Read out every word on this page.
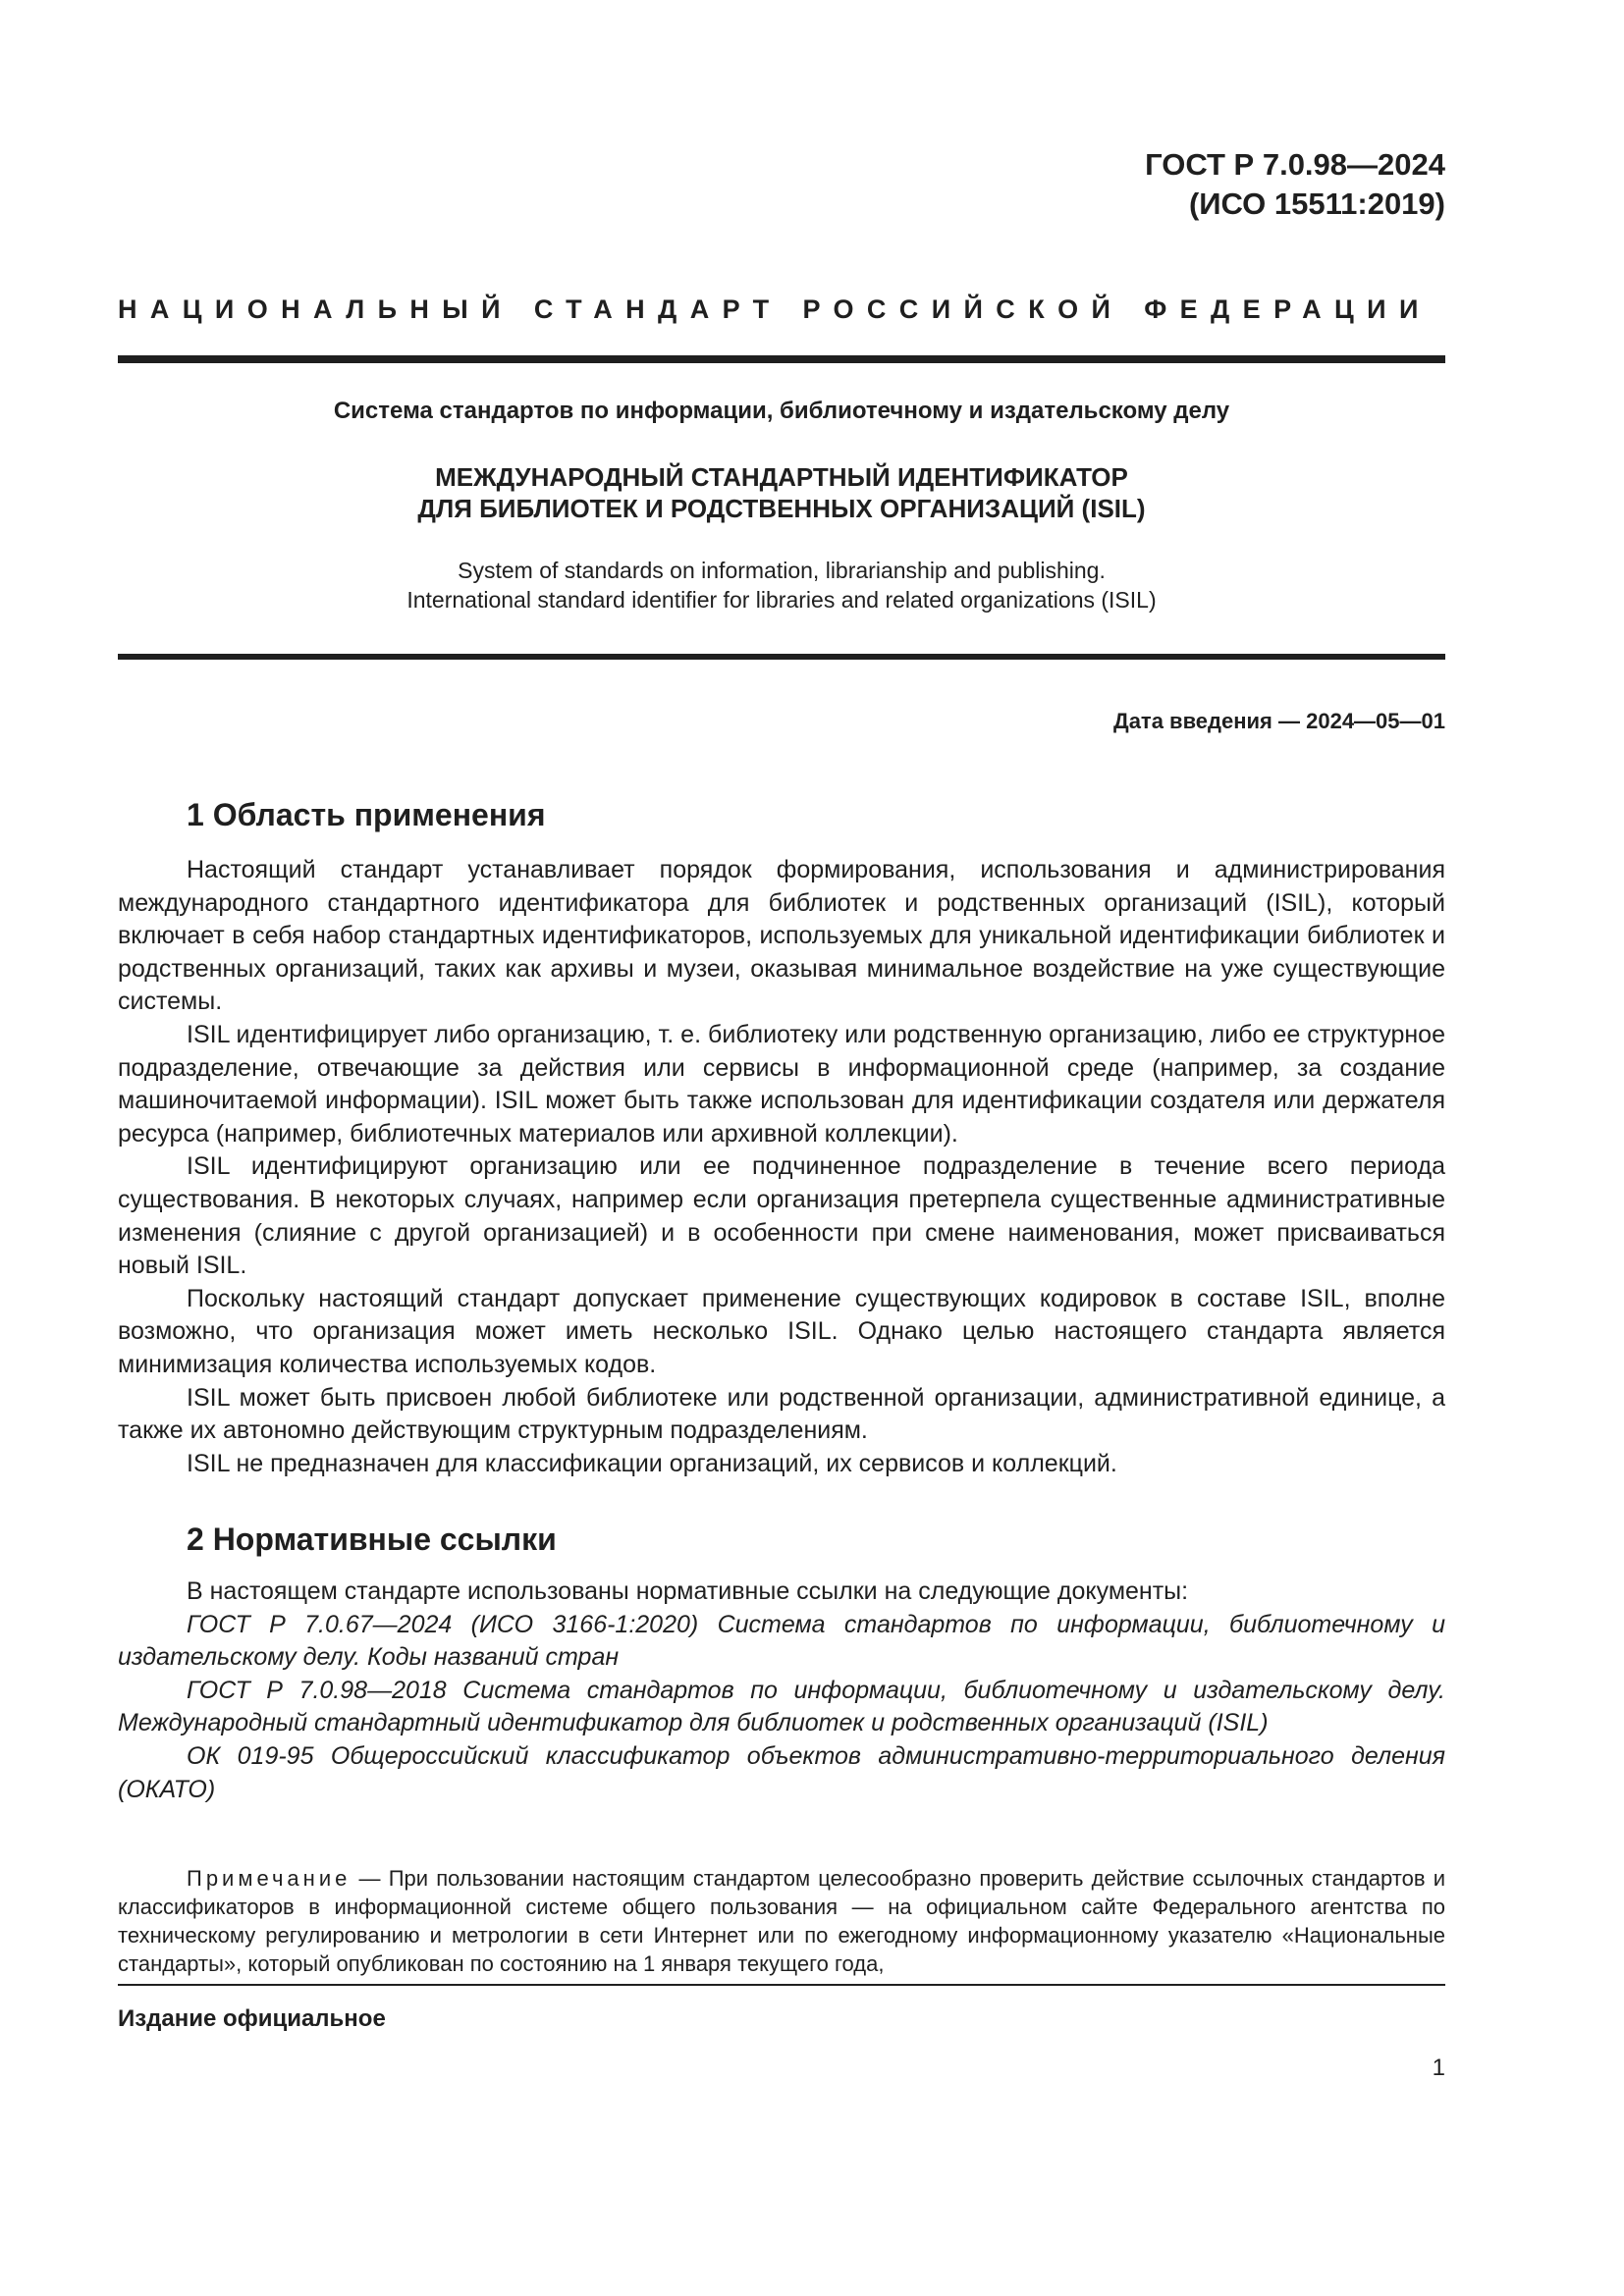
ГОСТ Р 7.0.98—2024
(ИСО 15511:2019)
НАЦИОНАЛЬНЫЙ СТАНДАРТ РОССИЙСКОЙ ФЕДЕРАЦИИ
Система стандартов по информации, библиотечному и издательскому делу
МЕЖДУНАРОДНЫЙ СТАНДАРТНЫЙ ИДЕНТИФИКАТОР
ДЛЯ БИБЛИОТЕК И РОДСТВЕННЫХ ОРГАНИЗАЦИЙ (ISIL)
System of standards on information, librarianship and publishing.
International standard identifier for libraries and related organizations (ISIL)
Дата введения — 2024—05—01
1 Область применения

Настоящий стандарт устанавливает порядок формирования, использования и администрирования международного стандартного идентификатора для библиотек и родственных организаций (ISIL), который включает в себя набор стандартных идентификаторов, используемых для уникальной идентификации библиотек и родственных организаций, таких как архивы и музеи, оказывая минимальное воздействие на уже существующие системы.

ISIL идентифицирует либо организацию, т. е. библиотеку или родственную организацию, либо ее структурное подразделение, отвечающие за действия или сервисы в информационной среде (например, за создание машиночитаемой информации). ISIL может быть также использован для идентификации создателя или держателя ресурса (например, библиотечных материалов или архивной коллекции).

ISIL идентифицируют организацию или ее подчиненное подразделение в течение всего периода существования. В некоторых случаях, например если организация претерпела существенные административные изменения (слияние с другой организацией) и в особенности при смене наименования, может присваиваться новый ISIL.

Поскольку настоящий стандарт допускает применение существующих кодировок в составе ISIL, вполне возможно, что организация может иметь несколько ISIL. Однако целью настоящего стандарта является минимизация количества используемых кодов.

ISIL может быть присвоен любой библиотеке или родственной организации, административной единице, а также их автономно действующим структурным подразделениям.

ISIL не предназначен для классификации организаций, их сервисов и коллекций.

2 Нормативные ссылки

В настоящем стандарте использованы нормативные ссылки на следующие документы:

ГОСТ Р 7.0.67—2024 (ИСО 3166-1:2020) Система стандартов по информации, библиотечному и издательскому делу. Коды названий стран

ГОСТ Р 7.0.98—2018 Система стандартов по информации, библиотечному и издательскому делу. Международный стандартный идентификатор для библиотек и родственных организаций (ISIL)

ОК 019-95 Общероссийский классификатор объектов административно-территориального деления (ОКАТО)

Примечание — При пользовании настоящим стандартом целесообразно проверить действие ссылочных стандартов и классификаторов в информационной системе общего пользования — на официальном сайте Федерального агентства по техническому регулированию и метрологии в сети Интернет или по ежегодному информационному указателю «Национальные стандарты», который опубликован по состоянию на 1 января текущего года,

Издание официальное
1
